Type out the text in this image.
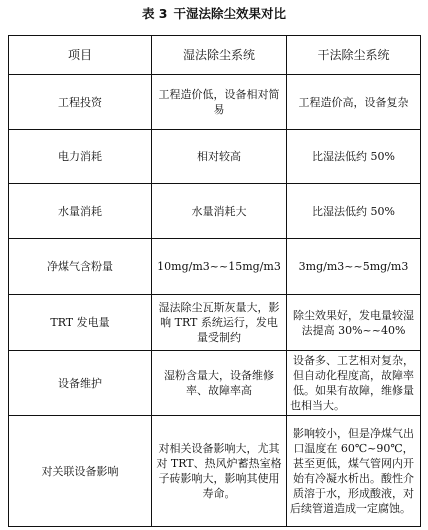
表 3 干湿法除尘效果对比
项目	湿法除尘系统	干法除尘系统
工程投资	工程造价低，设备相对简易	工程造价高，设备复杂
电力消耗	相对较高	比湿法低约 50%
水量消耗	水量消耗大	比湿法低约 50%
净煤气含粉量	10mg/m3~~15mg/m3	3mg/m3~~5mg/m3
TRT 发电量	湿法除尘瓦斯灰量大，影响 TRT 系统运行，发电量受制约	除尘效果好，发电量较湿法提高 30%~~40%
设备维护	湿粉含量大，设备维修率、故障率高	设备多、工艺相对复杂，但自动化程度高，故障率低。如果有故障，维修量也相当大。
对关联设备影响	对相关设备影响大，尤其对 TRT、热风炉蓄热室格子砖影响大，影响其使用寿命。	影响较小，但是净煤气出口温度在 60℃~90℃，甚至更低，煤气管网内开始有冷凝水析出。酸性介质溶于水，形成酸液，对后续管道造成一定腐蚀。
